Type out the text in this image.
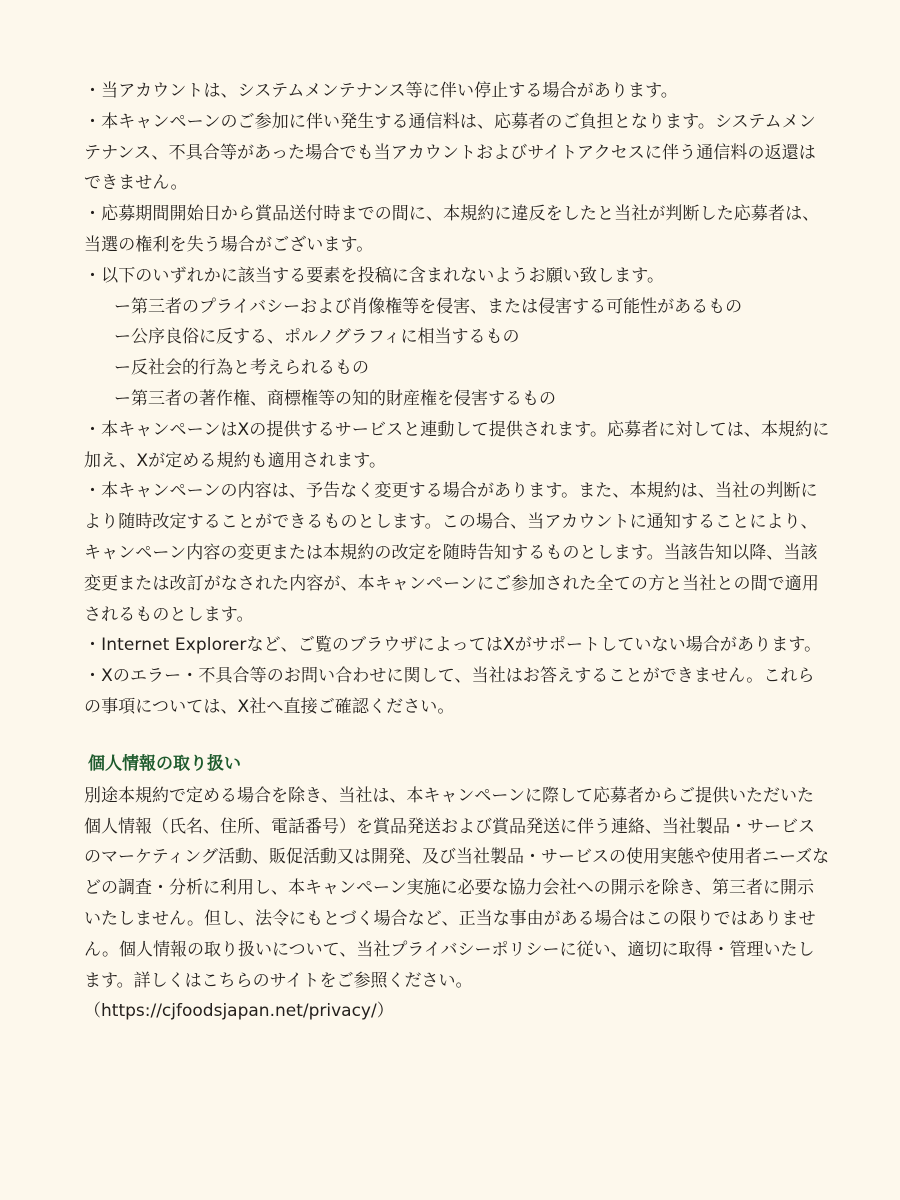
・当アカウントは、システムメンテナンス等に伴い停止する場合があります。

・本キャンペーンのご参加に伴い発生する通信料は、応募者のご負担となります。システムメンテナンス、不具合等があった場合でも当アカウントおよびサイトアクセスに伴う通信料の返還はできません。

・応募期間開始日から賞品送付時までの間に、本規約に違反をしたと当社が判断した応募者は、当選の権利を失う場合がございます。

・以下のいずれかに該当する要素を投稿に含まれないようお願い致します。

ー第三者のプライバシーおよび肖像権等を侵害、または侵害する可能性があるもの

ー公序良俗に反する、ポルノグラフィに相当するもの

ー反社会的行為と考えられるもの

ー第三者の著作権、商標権等の知的財産権を侵害するもの

・本キャンペーンはXの提供するサービスと連動して提供されます。応募者に対しては、本規約に加え、Xが定める規約も適用されます。

・本キャンペーンの内容は、予告なく変更する場合があります。また、本規約は、当社の判断により随時改定することができるものとします。この場合、当アカウントに通知することにより、キャンペーン内容の変更または本規約の改定を随時告知するものとします。当該告知以降、当該変更または改訂がなされた内容が、本キャンペーンにご参加された全ての方と当社との間で適用されるものとします。

・Internet Explorerなど、ご覧のブラウザによってはXがサポートしていない場合があります。

・Xのエラー・不具合等のお問い合わせに関して、当社はお答えすることができません。これらの事項については、X社へ直接ご確認ください。

個人情報の取り扱い

別途本規約で定める場合を除き、当社は、本キャンペーンに際して応募者からご提供いただいた個人情報（氏名、住所、電話番号）を賞品発送および賞品発送に伴う連絡、当社製品・サービスのマーケティング活動、販促活動又は開発、及び当社製品・サービスの使用実態や使用者ニーズなどの調査・分析に利用し、本キャンペーン実施に必要な協力会社への開示を除き、第三者に開示いたしません。但し、法令にもとづく場合など、正当な事由がある場合はこの限りではありません。個人情報の取り扱いについて、当社プライバシーポリシーに従い、適切に取得・管理いたします。詳しくはこちらのサイトをご参照ください。

（https://cjfoodsjapan.net/privacy/）
